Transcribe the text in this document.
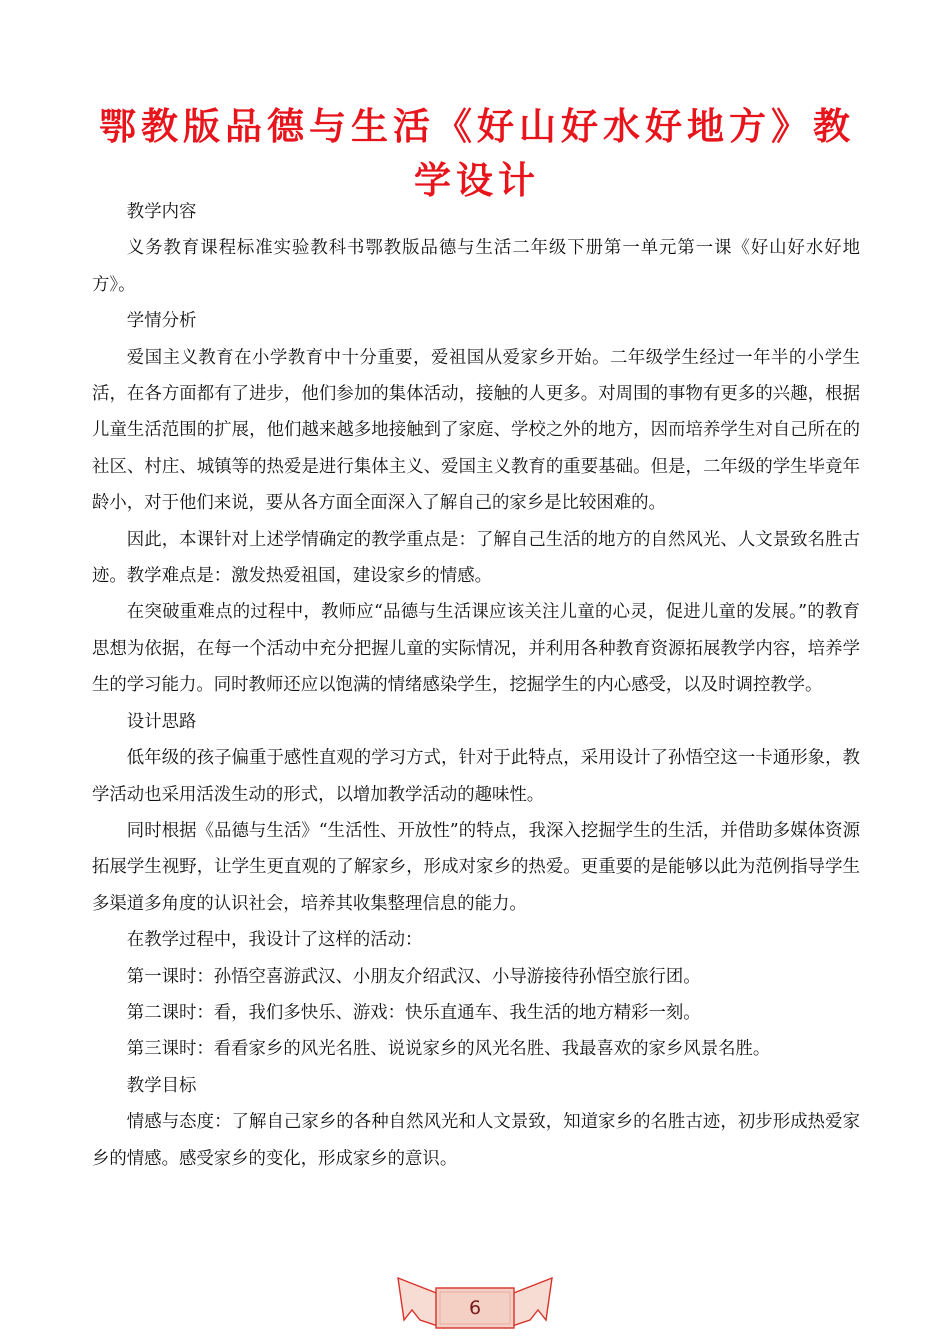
鄂教版品德与生活《好山好水好地方》教学设计

教学内容

义务教育课程标准实验教科书鄂教版品德与生活二年级下册第一单元第一课《好山好水好地方》。

学情分析

爱国主义教育在小学教育中十分重要，爱祖国从爱家乡开始。二年级学生经过一年半的小学生活，在各方面都有了进步，他们参加的集体活动，接触的人更多。对周围的事物有更多的兴趣，根据儿童生活范围的扩展，他们越来越多地接触到了家庭、学校之外的地方，因而培养学生对自己所在的社区、村庄、城镇等的热爱是进行集体主义、爱国主义教育的重要基础。但是，二年级的学生毕竟年龄小，对于他们来说，要从各方面全面深入了解自己的家乡是比较困难的。

因此，本课针对上述学情确定的教学重点是：了解自己生活的地方的自然风光、人文景致名胜古迹。教学难点是：激发热爱祖国，建设家乡的情感。

在突破重难点的过程中，教师应“品德与生活课应该关注儿童的心灵，促进儿童的发展。”的教育思想为依据，在每一个活动中充分把握儿童的实际情况，并利用各种教育资源拓展教学内容，培养学生的学习能力。同时教师还应以饱满的情绪感染学生，挖掘学生的内心感受，以及时调控教学。

设计思路

低年级的孩子偏重于感性直观的学习方式，针对于此特点，采用设计了孙悟空这一卡通形象，教学活动也采用活泼生动的形式，以增加教学活动的趣味性。

同时根据《品德与生活》“生活性、开放性”的特点，我深入挖掘学生的生活，并借助多媒体资源拓展学生视野，让学生更直观的了解家乡，形成对家乡的热爱。更重要的是能够以此为范例指导学生多渠道多角度的认识社会，培养其收集整理信息的能力。

在教学过程中，我设计了这样的活动：

第一课时：孙悟空喜游武汉、小朋友介绍武汉、小导游接待孙悟空旅行团。

第二课时：看，我们多快乐、游戏：快乐直通车、我生活的地方精彩一刻。

第三课时：看看家乡的风光名胜、说说家乡的风光名胜、我最喜欢的家乡风景名胜。

教学目标

情感与态度：了解自己家乡的各种自然风光和人文景致，知道家乡的名胜古迹，初步形成热爱家乡的情感。感受家乡的变化，形成家乡的意识。

6
